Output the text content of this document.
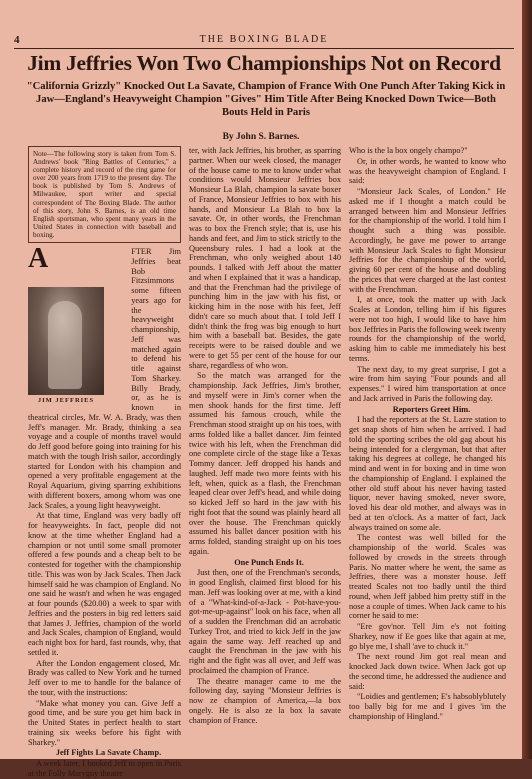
4	THE BOXING BLADE
Jim Jeffries Won Two Championships Not on Record
"California Grizzly" Knocked Out La Savate, Champion of France With One Punch After Taking Kick in Jaw—England's Heavyweight Champion "Gives" Him Title After Being Knocked Down Twice—Both Bouts Held in Paris
By John S. Barnes.
Note—The following story is taken from Tom S. Andrews' book "Ring Battles of Centuries," a complete history and record of the ring game for over 200 years from 1719 to the present day. The book is published by Tom S. Andrews of Milwaukee, sport writer and special correspondent of The Boxing Blade. The author of this story, John S. Barnes, is an old time English sportsman, who spent many years in the United States in connection with baseball and boxing.

A	FTER Jim Jeffries beat Bob Fitzsimmons some fifteen years ago for the heavyweight championship, Jeff was matched again to defend his title against Tom Sharkey. Billy Brady, or, as he is known in theatrical circles, Mr. W. A. Brady, was then Jeff's manager. Mr. Brady, thinking a sea voyage and a couple of months travel would do Jeff good before going into training for his match with the tough Irish sailor, accordingly started for London with his champion and opened a very profitable engagement at the Royal Aquarium, giving sparring exhibitions with different boxers, among whom was one Jack Scales, a young light heavyweight.

At that time, England was very badly off for heavyweights. In fact, people did not know at the time whether England had a champion or not until some small promoter offered a few pounds and a cheap belt to be contested for together with the championship title. This was won by Jack Scales. Then Jack himself said he was champion of England. No one said he wasn't and when he was engaged at four pounds ($20.00) a week to spar with Jeffries and the posters in big red letters said that James J. Jeffries, champion of the world and Jack Scales, champion of England, would each night box for hard, fast rounds, why, that settled it.

After the London engagement closed, Mr. Brady was called to New York and he turned Jeff over to me to handle for the balance of the tour, with the instructions:

"Make what money you can. Give Jeff a good time, and be sure you get him back in the United States in perfect health to start training six weeks before his fight with Sharkey."

Jeff Fights La Savate Champ.

A week later, I booked Jeff to open in Paris at the Folly Marygny theatre

ter, with Jack Jeffries, his brother, as sparring partner. When our week closed, the manager of the house came to me to know under what conditions would Monsieur Jeffries box Monsieur La Blah, champion la savate boxer of France, Monsieur Jeffries to box with his hands, and Monsieur La Blah to box la savate. Or, in other words, the Frenchman was to box the French style; that is, use his hands and feet, and Jim to stick strictly to the Queensbury rules. I had a look at the Frenchman, who only weighed about 140 pounds. I talked with Jeff about the matter and when I explained that it was a handicap, and that the Frenchman had the privilege of punching him in the jaw with his fist, or kicking him in the nose with his feet, Jeff didn't care so much about that. I told Jeff I didn't think the frog was big enough to hurt him with a baseball bat. Besides, the gate receipts were to be raised double and we were to get 55 per cent of the house for our share, regardless of who won.

So the match was arranged for the championship. Jack Jeffries, Jim's brother, and myself were in Jim's corner when the men shook hands for the first time. Jeff assumed his famous crouch, while the Frenchman stood straight up on his toes, with arms folded like a ballet dancer. Jim feinted twice with his left, when the Frenchman did one complete circle of the stage like a Texas Tommy dancer. Jeff dropped his hands and laughed. Jeff made two more feints with his left, when, quick as a flash, the Frenchman leaped clear over Jeff's head, and while doing so kicked Jeff so hard in the jaw with his right foot that the sound was plainly heard all over the house. The Frenchman quickly assumed his ballet dancer position with his arms folded, standing straight up on his toes again.

One Punch Ends It.

Just then, one of the Frenchman's seconds, in good English, claimed first blood for his man. Jeff was looking over at me, with a kind of a "What-kind-of-a-Jack - Pot-have-you-got-me-up-against" look on his face, when all of a sudden the Frenchman did an acrobatic Turkey Trot, and tried to kick Jeff in the jaw again the same way. Jeff reached up and caught the Frenchman in the jaw with his right and the fight was all over, and Jeff was proclaimed the champion of France.

The theatre manager came to me the following day, saying "Monsieur Jeffries is now ze champion of America,—la box ongely. He is also ze la box la savate champion of France.

Who is the la box ongely champo?"

Or, in other words, he wanted to know who was the heavyweight champion of England. I said:

"Monsieur Jack Scales, of London." He asked me if I thought a match could be arranged between him and Monsieur Jeffries for the championship of the world. I told him I thought such a thing was possible. Accordingly, he gave me power to arrange with Monsieur Jack Scales to fight Monsieur Jeffries for the championship of the world, giving 60 per cent of the house and doubling the prices that were charged at the last contest with the Frenchman.

I, at once, took the matter up with Jack Scales at London, telling him if his figures were not too high, I would like to have him box Jeffries in Paris the following week twenty rounds for the championship of the world, asking him to cable me immediately his best terms.

The next day, to my great surprise, I got a wire from him saying "Four pounds and all expenses." I wired him transportation at once and Jack arrived in Paris the following day.

Reporters Greet Him.

I had the reporters at the St. Lazre station to get snap shots of him when he arrived. I had told the sporting scribes the old gag about his being intended for a clergyman, but that after taking his degrees at college, he changed his mind and went in for boxing and in time won the championship of England. I explained the other old stuff about his never having tasted liquor, never having smoked, never swore, loved his dear old mother, and always was in bed at ten o'clock. As a matter of fact, Jack always trained on some ale.

The contest was well billed for the championship of the world. Scales was followed by crowds in the streets through Paris. No matter where he went, the same as Jeffries, there was a monster house. Jeff treated Scales not too badly until the third round, when Jeff jabbed him pretty stiff in the nose a couple of times. When Jack came to his corner he said to me:

"Ere gov'nor. Tell Jim e's not foiting Sharkey, now if Ee goes like that again at me, go blye me, I shall 'ave to chuck it."

The next round Jim got real mean and knocked Jack down twice. When Jack got up the second time, he addressed the audience and said:

"Loidies and gentlemen; E's habsoblyblutely too bally big for me and I gives 'im the championship of Hingland."

JIM JEFFRIES
